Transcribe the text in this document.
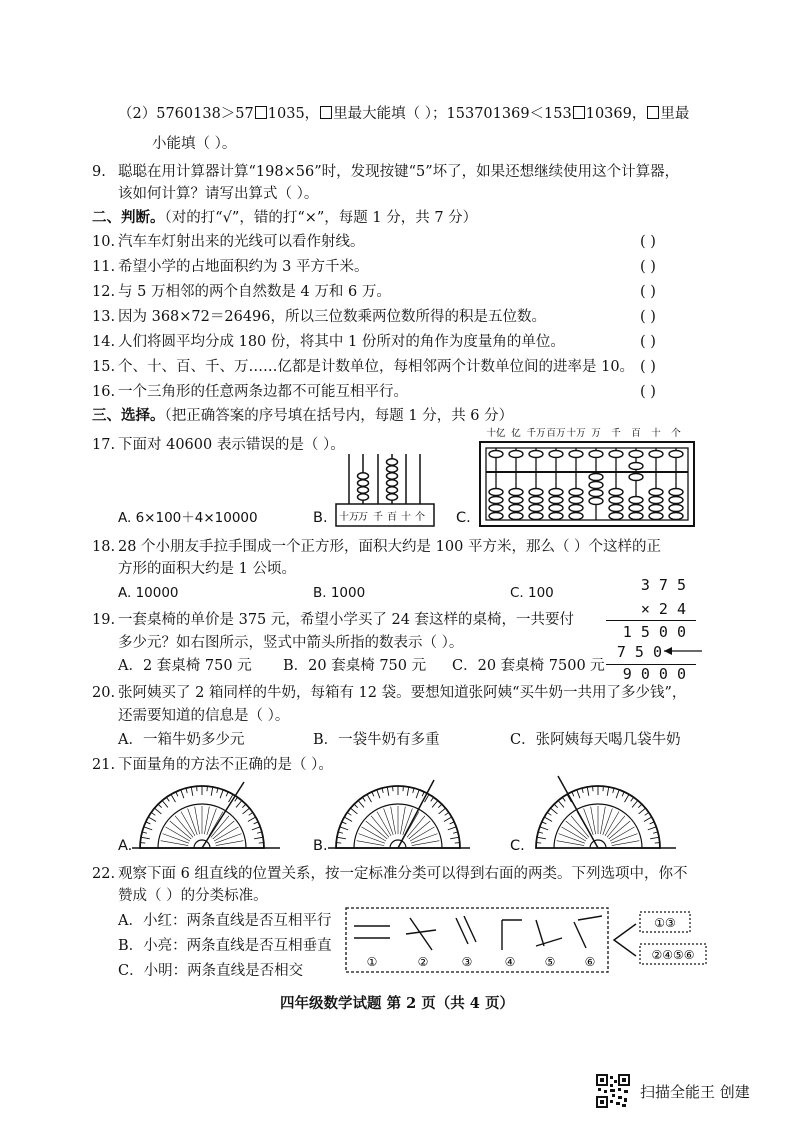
（2）5760138＞57 1035， 里最大能填（ ）；153701369＜153 10369， 里最
小能填（ ）。
9. 聪聪在用计算器计算“198×56”时，发现按键“5”坏了，如果还想继续使用这个计算器，
该如何计算？请写出算式（ ）。
二、判断。（对的打“√”，错的打“×”，每题 1 分，共 7 分）
10. 汽车车灯射出来的光线可以看作射线。	( )
11. 希望小学的占地面积约为 3 平方千米。	( )
12. 与 5 万相邻的两个自然数是 4 万和 6 万。	( )
13. 因为 368×72＝26496，所以三位数乘两位数所得的积是五位数。	( )
14. 人们将圆平均分成 180 份，将其中 1 份所对的角作为度量角的单位。	( )
15. 个、十、百、千、万……亿都是计数单位，每相邻两个计数单位间的进率是 10。 ( )
16. 一个三角形的任意两条边都不可能互相平行。	( )
三、选择。（把正确答案的序号填在括号内，每题 1 分，共 6 分）
17. 下面对 40600 表示错误的是（ ）。
A. 6×100＋4×10000	B.	C.
十万 万 千 百 十 个
十亿 亿 千万 百万 十万 万 千 百 十 个
18. 28 个小朋友手拉手围成一个正方形，面积大约是 100 平方米，那么（ ）个这样的正
方形的面积大约是 1 公顷。
A. 10000	B. 1000	C. 100
19. 一套桌椅的单价是 375 元，希望小学买了 24 套这样的桌椅，一共要付
多少元？如右图所示，竖式中箭头所指的数表示（ ）。
A．2 套桌椅 750 元 B．20 套桌椅 750 元 C．20 套桌椅 7500 元
3 7 5
× 2 4
1 5 0 0
7 5 0
9 0 0 0
20. 张阿姨买了 2 箱同样的牛奶，每箱有 12 袋。要想知道张阿姨“买牛奶一共用了多少钱”，
还需要知道的信息是（ ）。
A．一箱牛奶多少元	B．一袋牛奶有多重	C．张阿姨每天喝几袋牛奶
21. 下面量角的方法不正确的是（ ）。
A.	B.	C.
22. 观察下面 6 组直线的位置关系，按一定标准分类可以得到右面的两类。下列选项中，你不
赞成（ ）的分类标准。
A．小红：两条直线是否互相平行
B．小亮：两条直线是否互相垂直
C．小明：两条直线是否相交
①	②	③	④ ⑤ ⑥
①③
②④⑤⑥
四年级数学试题 第 2 页（共 4 页）
扫描全能王 创建
